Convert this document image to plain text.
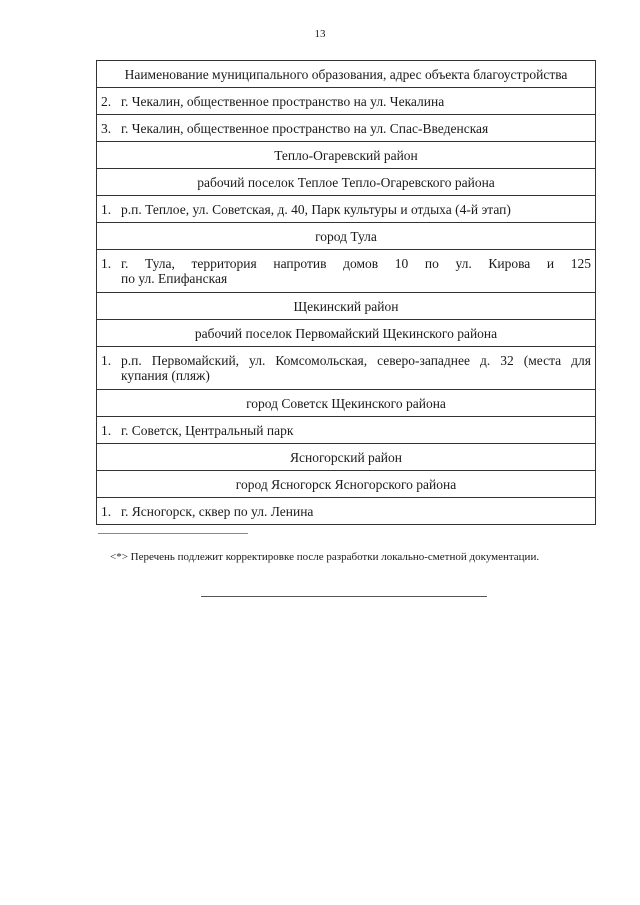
13
Наименование муниципального образования, адрес объекта благоустройства

2. г. Чекалин, общественное пространство на ул. Чекалина

3. г. Чекалин, общественное пространство на ул. Спас-Введенская

Тепло-Огаревский район
рабочий поселок Теплое Тепло-Огаревского района

1. р.п. Теплое, ул. Советская, д. 40, Парк культуры и отдыха (4-й этап)

город Тула

1. г. Тула, территория напротив домов 10 по ул. Кирова и 125
по ул. Епифанская

Щекинский район
рабочий поселок Первомайский Щекинского района

1. р.п. Первомайский, ул. Комсомольская, северо-западнее д. 32 (места для
купания (пляж)

город Советск Щекинского района

1. г. Советск, Центральный парк

Ясногорский район
город Ясногорск Ясногорского района

1. г. Ясногорск, сквер по ул. Ленина
<*> Перечень подлежит корректировке после разработки локально-сметной документации.
